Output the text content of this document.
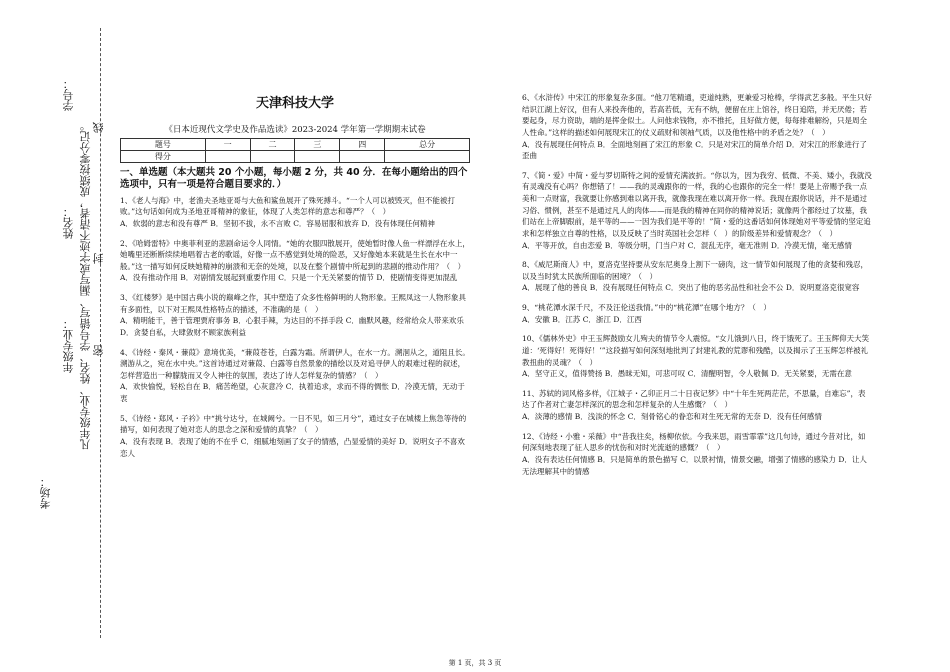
学号：
姓名：
年级专业：
考场：
凡年级专业、姓名、学号错写、漏写或字迹不清者，成绩按零分记。 线
封
密
天津科技大学
《日本近现代文学史及作品选读》2023-2024 学年第一学期期末试卷
题号	一	二	三	四	总分
得分					
一、单选题（本大题共 20 个小题，每小题 2 分，共 40 分．在每小题给出的四个选项中，只有一项是符合题目要求的．）

1、《老人与海》中，老渔夫圣地亚哥与大鱼和鲨鱼展开了殊死搏斗。“一个人可以被毁灭，但不能被打败。”这句话如何成为圣地亚哥精神的象征，体现了人类怎样的意志和尊严？（　）

A．软弱的意志和没有尊严 B．坚韧不拔，永不言败 C．容易屈服和放弃 D．没有体现任何精神

2、《哈姆雷特》中奥菲利亚的悲剧命运令人同情。“她的衣服四散展开，使她暂时像人鱼一样漂浮在水上，她嘴里还断断续续地唱着古老的歌谣，好像一点不感觉到处境的险恶，又好像她本来就是生长在水中一般。”这一描写如何反映她精神的崩溃和无奈的处境，以及在整个剧情中所起到的悲剧的推动作用？（　）

A．没有推动作用 B．对剧情发展起到重要作用 C．只是一个无关紧要的情节 D．使剧情变得更加混乱

3、《红楼梦》是中国古典小说的巅峰之作，其中塑造了众多性格鲜明的人物形象。王熙凤这一人物形象具有多面性，以下对王熙凤性格特点的描述，不准确的是（　）

A．精明能干，善于管理贾府事务 B．心狠手辣，为达目的不择手段 C．幽默风趣，经常给众人带来欢乐 D．贪婪自私，大肆敛财不顾家族利益

4、《诗经・秦风・蒹葭》意境优美，“蒹葭苍苍，白露为霜。所谓伊人，在水一方。溯洄从之，道阻且长。溯游从之，宛在水中央。”这首诗通过对蒹葭、白露等自然景象的描绘以及对追寻伊人的艰难过程的叙述，怎样营造出一种朦胧而又令人神往的氛围，表达了诗人怎样复杂的情感？（　）

A．欢快愉悦，轻松自在 B．痛苦绝望，心灰意冷 C．执着追求，求而不得的惆怅 D．冷漠无情，无动于衷

5、《诗经・郑风・子衿》中“挑兮达兮，在城阙兮。一日不见，如三月兮”，通过女子在城楼上焦急等待的描写，如何表现了她对恋人的思念之深和爱情的真挚？（　）

A．没有表现 B．表现了她的不在乎 C．细腻地刻画了女子的情感，凸显爱情的美好 D．说明女子不喜欢恋人

6、《水浒传》中宋江的形象复杂多面。“他刀笔精通，吏道纯熟，更兼爱习枪棒，学得武艺多般。平生只好结识江湖上好汉，但有人来投奔他的，若高若低，无有不纳，便留在庄上馆谷，终日追陪，并无厌倦；若要起身，尽力资助，端的是挥金似土。人问他求钱物，亦不推托，且好做方便，每每排难解纷，只是周全人性命。”这样的描述如何展现宋江的仗义疏财和领袖气质，以及他性格中的矛盾之处？（　）

A．没有展现任何特点 B．全面地刻画了宋江的形象 C．只是对宋江的简单介绍 D．对宋江的形象进行了歪曲

7、《简・爱》中简・爱与罗切斯特之间的爱情充满波折。“你以为，因为我穷、低微、不美、矮小，我就没有灵魂没有心吗？你想错了！——我的灵魂跟你的一样，我的心也跟你的完全一样！要是上帝赐予我一点美和一点财富，我就要让你感到难以离开我，就像我现在难以离开你一样。我现在跟你说话，并不是通过习俗、惯例，甚至不是通过凡人的肉体——而是我的精神在同你的精神说话；就像两个都经过了坟墓，我们站在上帝脚跟前，是平等的——一因为我们是平等的！”简・爱的这番话如何体现她对平等爱情的坚定追求和怎样独立自尊的性格，以及反映了当时英国社会怎样（　）的阶级差异和爱情观念？（　）

A．平等开放，自由恋爱 B．等级分明，门当户对 C．混乱无序，毫无准则 D．冷漠无情，毫无感情

8、《威尼斯商人》中，夏洛克坚持要从安东尼奥身上割下一磅肉，这一情节如何展现了他的贪婪和残忍，以及当时犹太民族所面临的困境？（　）

A．展现了他的善良 B．没有展现任何特点 C．突出了他的恶劣品性和社会不公 D．说明夏洛克很宽容

9、“桃花潭水深千尺，不及汪伦送我情。”中的“桃花潭”在哪个地方？（　）

A．安徽 B．江苏 C．浙江 D．江西

10、《儒林外史》中王玉辉鼓励女儿殉夫的情节令人震惊。“女儿饿到八日，终于饿死了。王玉辉仰天大笑道：‘死得好！死得好！’”这段描写如何深刻地批判了封建礼教的荒谬和残酷，以及揭示了王玉辉怎样被礼教扭曲的灵魂？（　）

A．坚守正义，值得赞扬 B．愚昧无知，可悲可叹 C．清醒明智，令人敬佩 D．无关紧要，无需在意

11、苏轼的词风格多样，《江城子・乙卯正月二十日夜记梦》中“十年生死两茫茫，不思量，自难忘”，表达了作者对亡妻怎样深沉的思念和怎样复杂的人生感慨？（　）

A．淡薄的感情 B．浅淡的怀念 C．刻骨铭心的眷恋和对生死无常的无奈 D．没有任何感情

12、《诗经・小雅・采薇》中“昔我往矣，杨柳依依。今我来思，雨雪霏霏”这几句诗，通过今昔对比，如何深刻地表现了征人思乡的忧伤和对时光流逝的感慨？（　）

A．没有表达任何情感 B．只是简单的景色描写 C．以景衬情，情景交融，增强了情感的感染力 D．让人无法理解其中的情感

第 1 页，共 3 页
